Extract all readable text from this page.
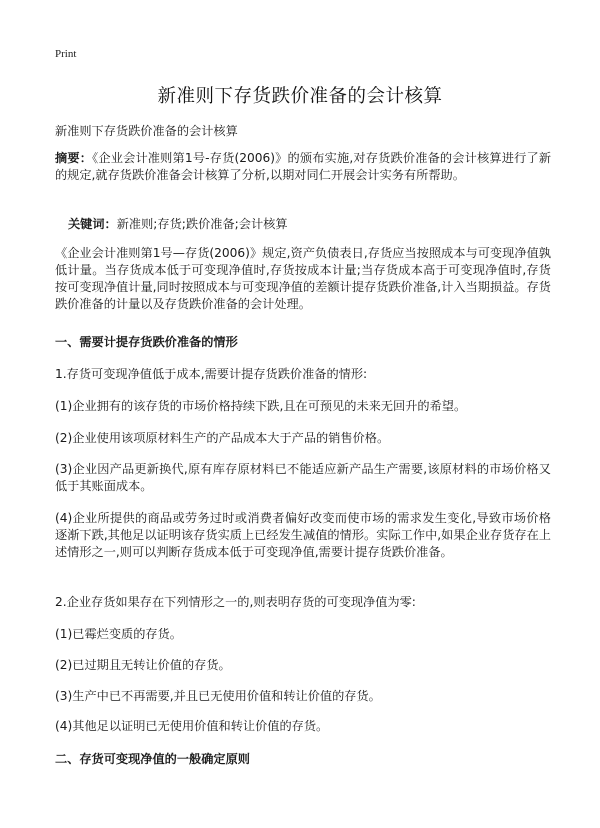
Print
新准则下存货跌价准备的会计核算
新准则下存货跌价准备的会计核算
摘要：《企业会计准则第1号-存货(2006)》的颁布实施,对存货跌价准备的会计核算进行了新的规定,就存货跌价准备会计核算了分析,以期对同仁开展会计实务有所帮助。
关键词：新准则;存货;跌价准备;会计核算
《企业会计准则第1号—存货(2006)》规定,资产负债表日,存货应当按照成本与可变现净值孰低计量。当存货成本低于可变现净值时,存货按成本计量;当存货成本高于可变现净值时,存货按可变现净值计量,同时按照成本与可变现净值的差额计提存货跌价准备,计入当期损益。存货跌价准备的计量以及存货跌价准备的会计处理。
一、需要计提存货跌价准备的情形
1.存货可变现净值低于成本,需要计提存货跌价准备的情形:
(1)企业拥有的该存货的市场价格持续下跌,且在可预见的未来无回升的希望。
(2)企业使用该项原材料生产的产品成本大于产品的销售价格。
(3)企业因产品更新换代,原有库存原材料已不能适应新产品生产需要,该原材料的市场价格又低于其账面成本。
(4)企业所提供的商品或劳务过时或消费者偏好改变而使市场的需求发生变化,导致市场价格逐渐下跌,其他足以证明该存货实质上已经发生减值的情形。实际工作中,如果企业存货存在上述情形之一,则可以判断存货成本低于可变现净值,需要计提存货跌价准备。
2.企业存货如果存在下列情形之一的,则表明存货的可变现净值为零:
(1)已霉烂变质的存货。
(2)已过期且无转让价值的存货。
(3)生产中已不再需要,并且已无使用价值和转让价值的存货。
(4)其他足以证明已无使用价值和转让价值的存货。
二、存货可变现净值的一般确定原则
